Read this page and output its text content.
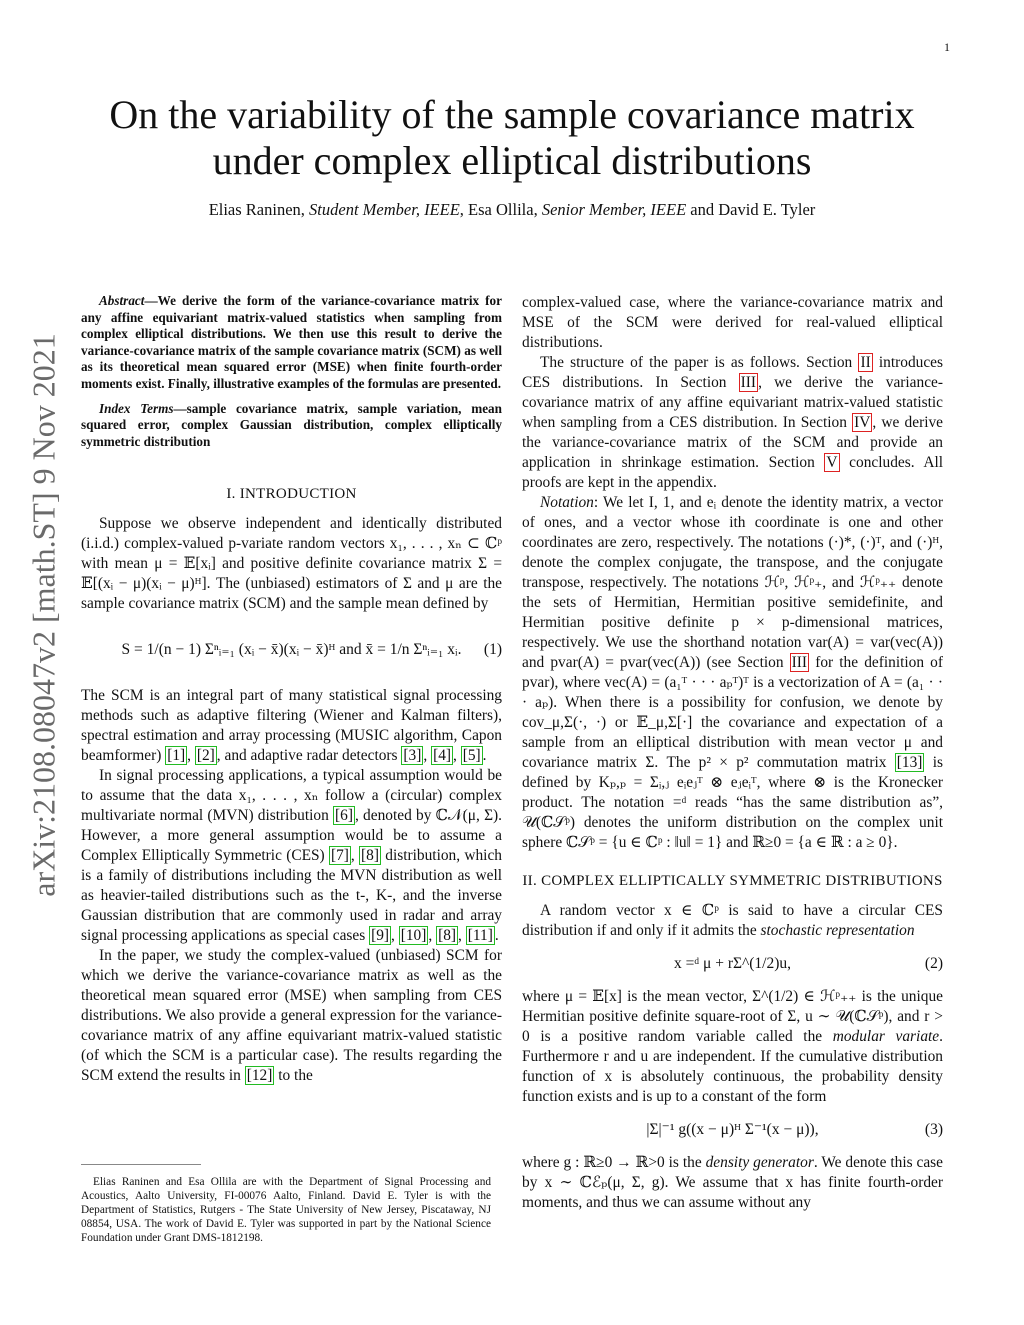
1
arXiv:2108.08047v2 [math.ST] 9 Nov 2021
On the variability of the sample covariance matrix
under complex elliptical distributions
Elias Raninen, Student Member, IEEE, Esa Ollila, Senior Member, IEEE and David E. Tyler

Abstract—We derive the form of the variance-covariance matrix for any affine equivariant matrix-valued statistics when sampling from complex elliptical distributions. We then use this result to derive the variance-covariance matrix of the sample covariance matrix (SCM) as well as its theoretical mean squared error (MSE) when finite fourth-order moments exist. Finally, illustrative examples of the formulas are presented.

Index Terms—sample covariance matrix, sample variation, mean squared error, complex Gaussian distribution, complex elliptically symmetric distribution

I. INTRODUCTION

Suppose we observe independent and identically distributed (i.i.d.) complex-valued p-variate random vectors x₁, . . . , xₙ ⊂ ℂᵖ with mean μ = 𝔼[xᵢ] and positive definite covariance matrix Σ = 𝔼[(xᵢ − μ)(xᵢ − μ)ᴴ]. The (unbiased) estimators of Σ and μ are the sample covariance matrix (SCM) and the sample mean defined by

S = 1/(n − 1) Σⁿᵢ₌₁ (xᵢ − x̄)(xᵢ − x̄)ᴴ and x̄ = 1/n Σⁿᵢ₌₁ xᵢ. (1)

The SCM is an integral part of many statistical signal processing methods such as adaptive filtering (Wiener and Kalman filters), spectral estimation and array processing (MUSIC algorithm, Capon beamformer) [1] , [2] , and adaptive radar detectors [3] , [4] , [5] .

In signal processing applications, a typical assumption would be to assume that the data x₁, . . . , xₙ follow a (circular) complex multivariate normal (MVN) distribution [6] , denoted by ℂ𝒩(μ, Σ). However, a more general assumption would be to assume a Complex Elliptically Symmetric (CES) [7] , [8] distribution, which is a family of distributions including the MVN distribution as well as heavier-tailed distributions such as the t-, K-, and the inverse Gaussian distribution that are commonly used in radar and array signal processing applications as special cases [9] , [10] , [8] , [11] .

In the paper, we study the complex-valued (unbiased) SCM for which we derive the variance-covariance matrix as well as the theoretical mean squared error (MSE) when sampling from CES distributions. We also provide a general expression for the variance-covariance matrix of any affine equivariant matrix-valued statistic (of which the SCM is a particular case). The results regarding the SCM extend the results in [12] to the

Elias Raninen and Esa Ollila are with the Department of Signal Processing and Acoustics, Aalto University, FI-00076 Aalto, Finland. David E. Tyler is with the Department of Statistics, Rutgers - The State University of New Jersey, Piscataway, NJ 08854, USA. The work of David E. Tyler was supported in part by the National Science Foundation under Grant DMS-1812198.

complex-valued case, where the variance-covariance matrix and MSE of the SCM were derived for real-valued elliptical distributions.

The structure of the paper is as follows. Section II introduces CES distributions. In Section III , we derive the variance-covariance matrix of any affine equivariant matrix-valued statistic when sampling from a CES distribution. In Section IV , we derive the variance-covariance matrix of the SCM and provide an application in shrinkage estimation. Section V concludes. All proofs are kept in the appendix.

Notation: We let I, 1, and eᵢ denote the identity matrix, a vector of ones, and a vector whose ith coordinate is one and other coordinates are zero, respectively. The notations (·)*, (·)ᵀ, and (·)ᴴ, denote the complex conjugate, the transpose, and the conjugate transpose, respectively. The notations ℋᵖ, ℋᵖ₊, and ℋᵖ₊₊ denote the sets of Hermitian, Hermitian positive semidefinite, and Hermitian positive definite p × p-dimensional matrices, respectively. We use the shorthand notation var(A) = var(vec(A)) and pvar(A) = pvar(vec(A)) (see Section III for the definition of pvar), where vec(A) = (a₁ᵀ · · · aₚᵀ)ᵀ is a vectorization of A = (a₁ · · · aₚ). When there is a possibility for confusion, we denote by cov_μ,Σ(·, ·) or 𝔼_μ,Σ[·] the covariance and expectation of a sample from an elliptical distribution with mean vector μ and covariance matrix Σ. The p² × p² commutation matrix [13] is defined by Kₚ,ₚ = Σᵢ,ⱼ eᵢeⱼᵀ ⊗ eⱼeᵢᵀ, where ⊗ is the Kronecker product. The notation =ᵈ reads “has the same distribution as”, 𝒰(ℂ𝒮ᵖ) denotes the uniform distribution on the complex unit sphere ℂ𝒮ᵖ = {u ∈ ℂᵖ : ‖u‖ = 1} and ℝ≥0 = {a ∈ ℝ : a ≥ 0}.

II. COMPLEX ELLIPTICALLY SYMMETRIC DISTRIBUTIONS

A random vector x ∈ ℂᵖ is said to have a circular CES distribution if and only if it admits the stochastic representation

x =ᵈ μ + rΣ^(1/2)u,	(2)

where μ = 𝔼[x] is the mean vector, Σ^(1/2) ∈ ℋᵖ₊₊ is the unique Hermitian positive definite square-root of Σ, u ∼ 𝒰(ℂ𝒮ᵖ), and r > 0 is a positive random variable called the modular variate. Furthermore r and u are independent. If the cumulative distribution function of x is absolutely continuous, the probability density function exists and is up to a constant of the form

|Σ|⁻¹ g((x − μ)ᴴ Σ⁻¹(x − μ)),	(3)

where g : ℝ≥0 → ℝ>0 is the density generator. We denote this case by x ∼ ℂℰₚ(μ, Σ, g). We assume that x has finite fourth-order moments, and thus we can assume without any
